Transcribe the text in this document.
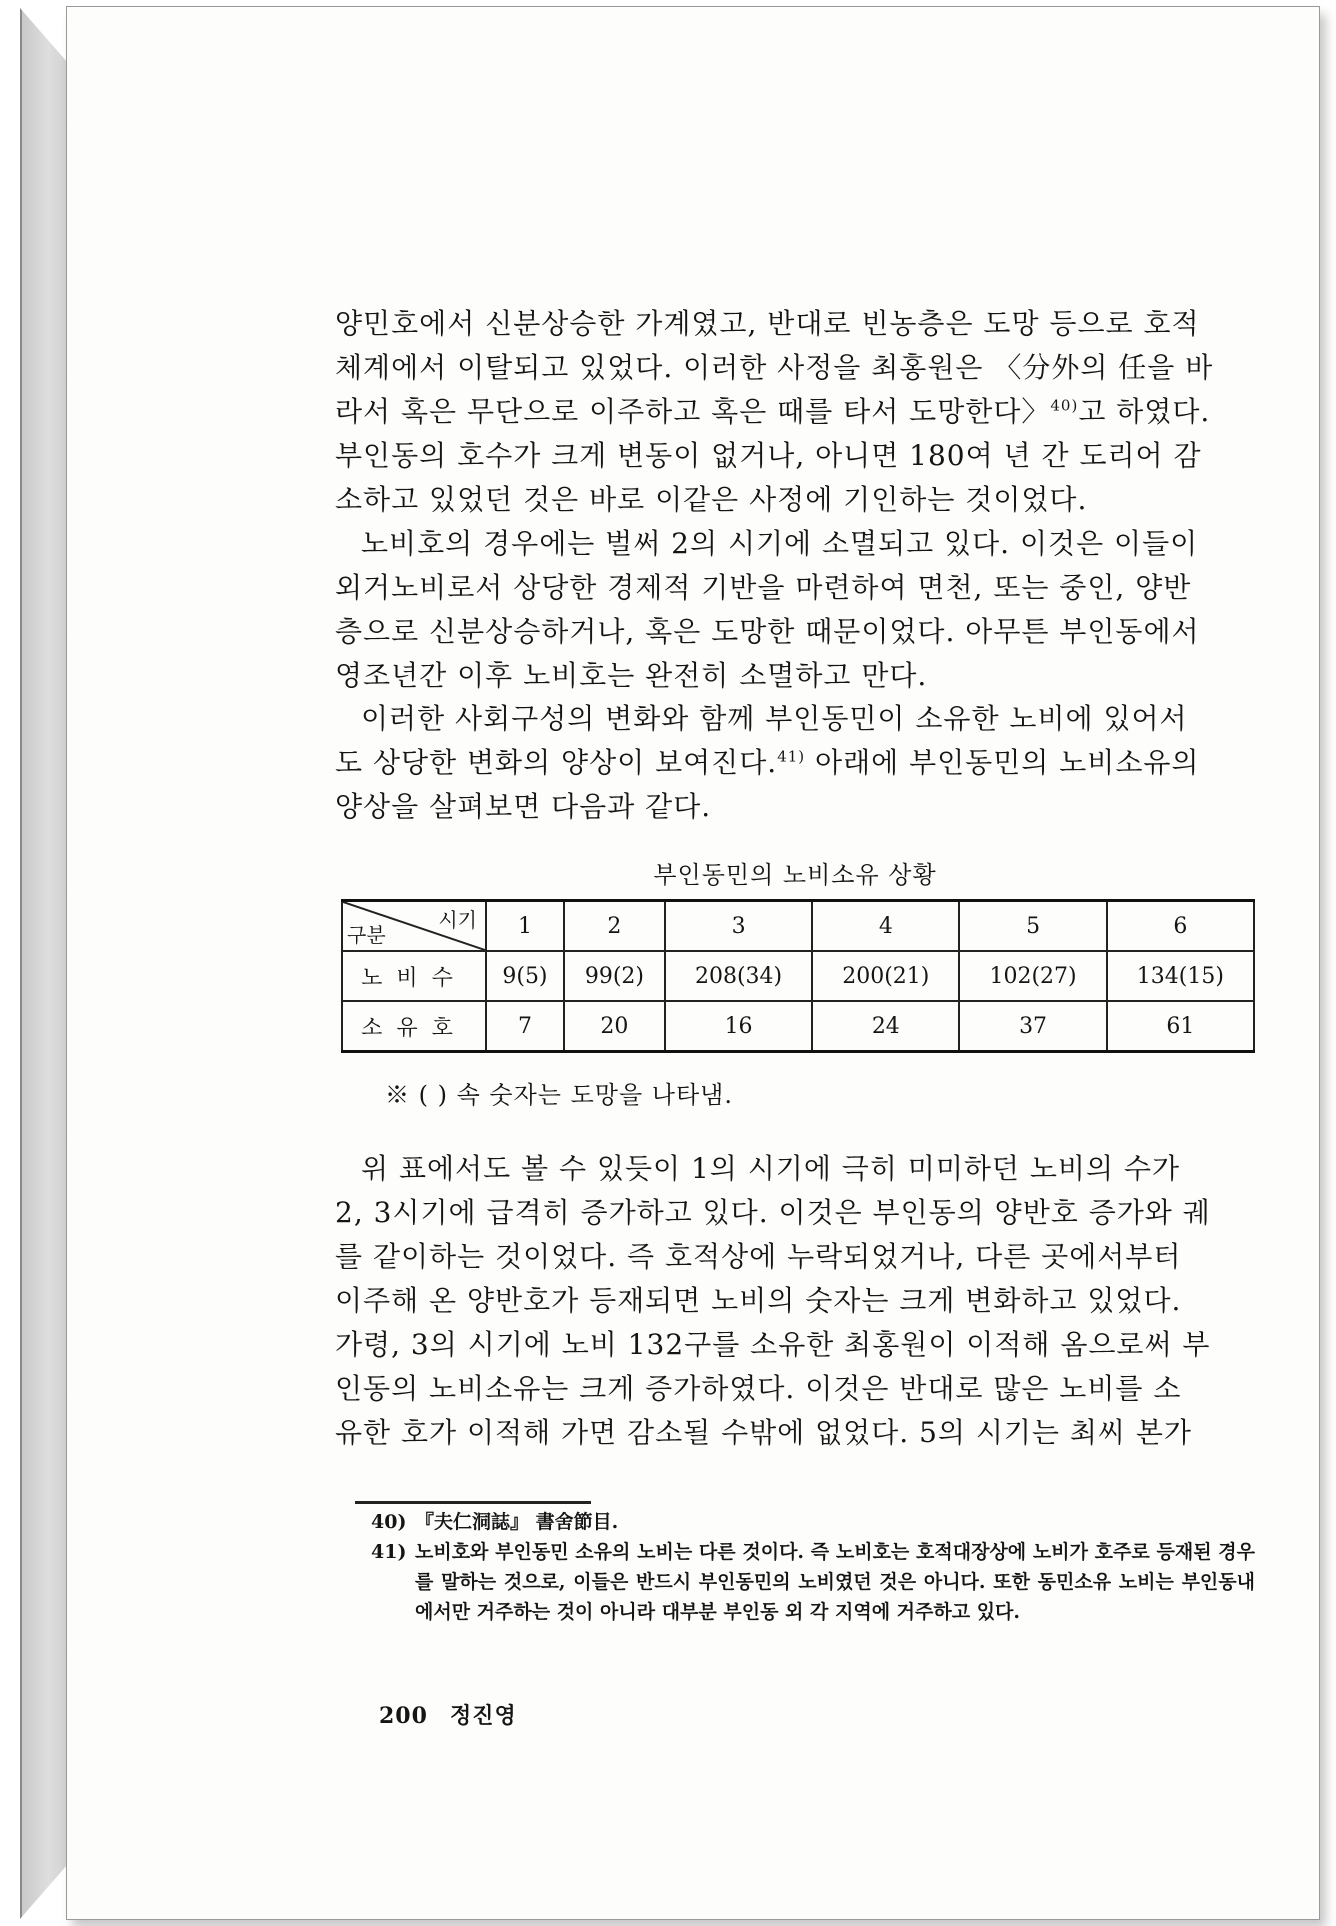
양민호에서 신분상승한 가계였고, 반대로 빈농층은 도망 등으로 호적
체계에서 이탈되고 있었다. 이러한 사정을 최홍원은 〈分外의 任을 바
라서 혹은 무단으로 이주하고 혹은 때를 타서 도망한다〉$^{40)}$고 하였다.
부인동의 호수가 크게 변동이 없거나, 아니면 180여 년 간 도리어 감
소하고 있었던 것은 바로 이같은 사정에 기인하는 것이었다.

노비호의 경우에는 벌써 2의 시기에 소멸되고 있다. 이것은 이들이
외거노비로서 상당한 경제적 기반을 마련하여 면천, 또는 중인, 양반
층으로 신분상승하거나, 혹은 도망한 때문이었다. 아무튼 부인동에서
영조년간 이후 노비호는 완전히 소멸하고 만다.

이러한 사회구성의 변화와 함께 부인동민이 소유한 노비에 있어서
도 상당한 변화의 양상이 보여진다.$^{41)}$ 아래에 부인동민의 노비소유의
양상을 살펴보면 다음과 같다.

부인동민의 노비소유 상황
시기
구분	1	2	3	4	5	6
노비수	9(5)	99(2)	208(34)	200(21)	102(27)	134(15)
소유호	7	20	16	24	37	61
※ ( ) 속 숫자는 도망을 나타냄.

위 표에서도 볼 수 있듯이 1의 시기에 극히 미미하던 노비의 수가
2, 3시기에 급격히 증가하고 있다. 이것은 부인동의 양반호 증가와 궤
를 같이하는 것이었다. 즉 호적상에 누락되었거나, 다른 곳에서부터
이주해 온 양반호가 등재되면 노비의 숫자는 크게 변화하고 있었다.
가령, 3의 시기에 노비 132구를 소유한 최홍원이 이적해 옴으로써 부
인동의 노비소유는 크게 증가하였다. 이것은 반대로 많은 노비를 소
유한 호가 이적해 가면 감소될 수밖에 없었다. 5의 시기는 최씨 본가

40) 『夫仁洞誌』 書舍節目.
41) 노비호와 부인동민 소유의 노비는 다른 것이다. 즉 노비호는 호적대장상에 노비가 호주로 등재된 경우를 말하는 것으로, 이들은 반드시 부인동민의 노비였던 것은 아니다. 또한 동민소유 노비는 부인동내에서만 거주하는 것이 아니라 대부분 부인동 외 각 지역에 거주하고 있다.
200 정진영
